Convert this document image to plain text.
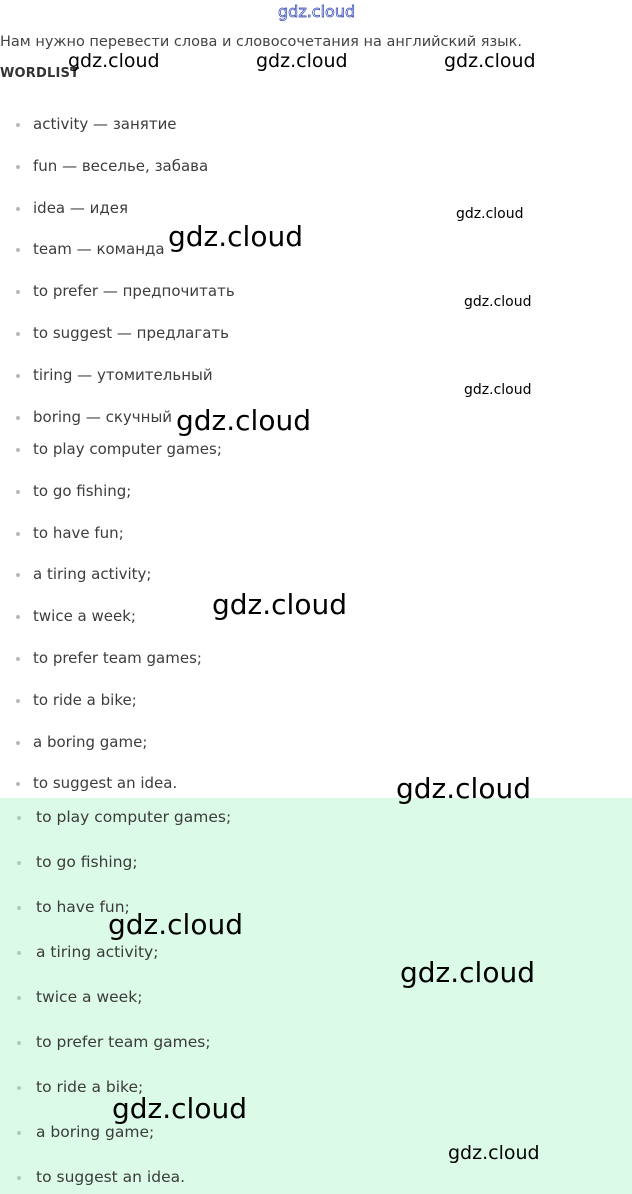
gdz.cloud
Нам нужно перевести слова и словосочетания на английский язык.
WORDLIST
activity — занятие
fun — веселье, забава
idea — идея
team — команда
to prefer — предпочитать
to suggest — предлагать
tiring — утомительный
boring — скучный
to play computer games;
to go fishing;
to have fun;
a tiring activity;
twice a week;
to prefer team games;
to ride a bike;
a boring game;
to suggest an idea.
to play computer games;
to go fishing;
to have fun;
a tiring activity;
twice a week;
to prefer team games;
to ride a bike;
a boring game;
to suggest an idea.
gdz.cloud	gdz.cloud	gdz.cloud
gdz.cloud
gdz.cloud
gdz.cloud
gdz.cloud
gdz.cloud
gdz.cloud
gdz.cloud
gdz.cloud
gdz.cloud
gdz.cloud
gdz.cloud
